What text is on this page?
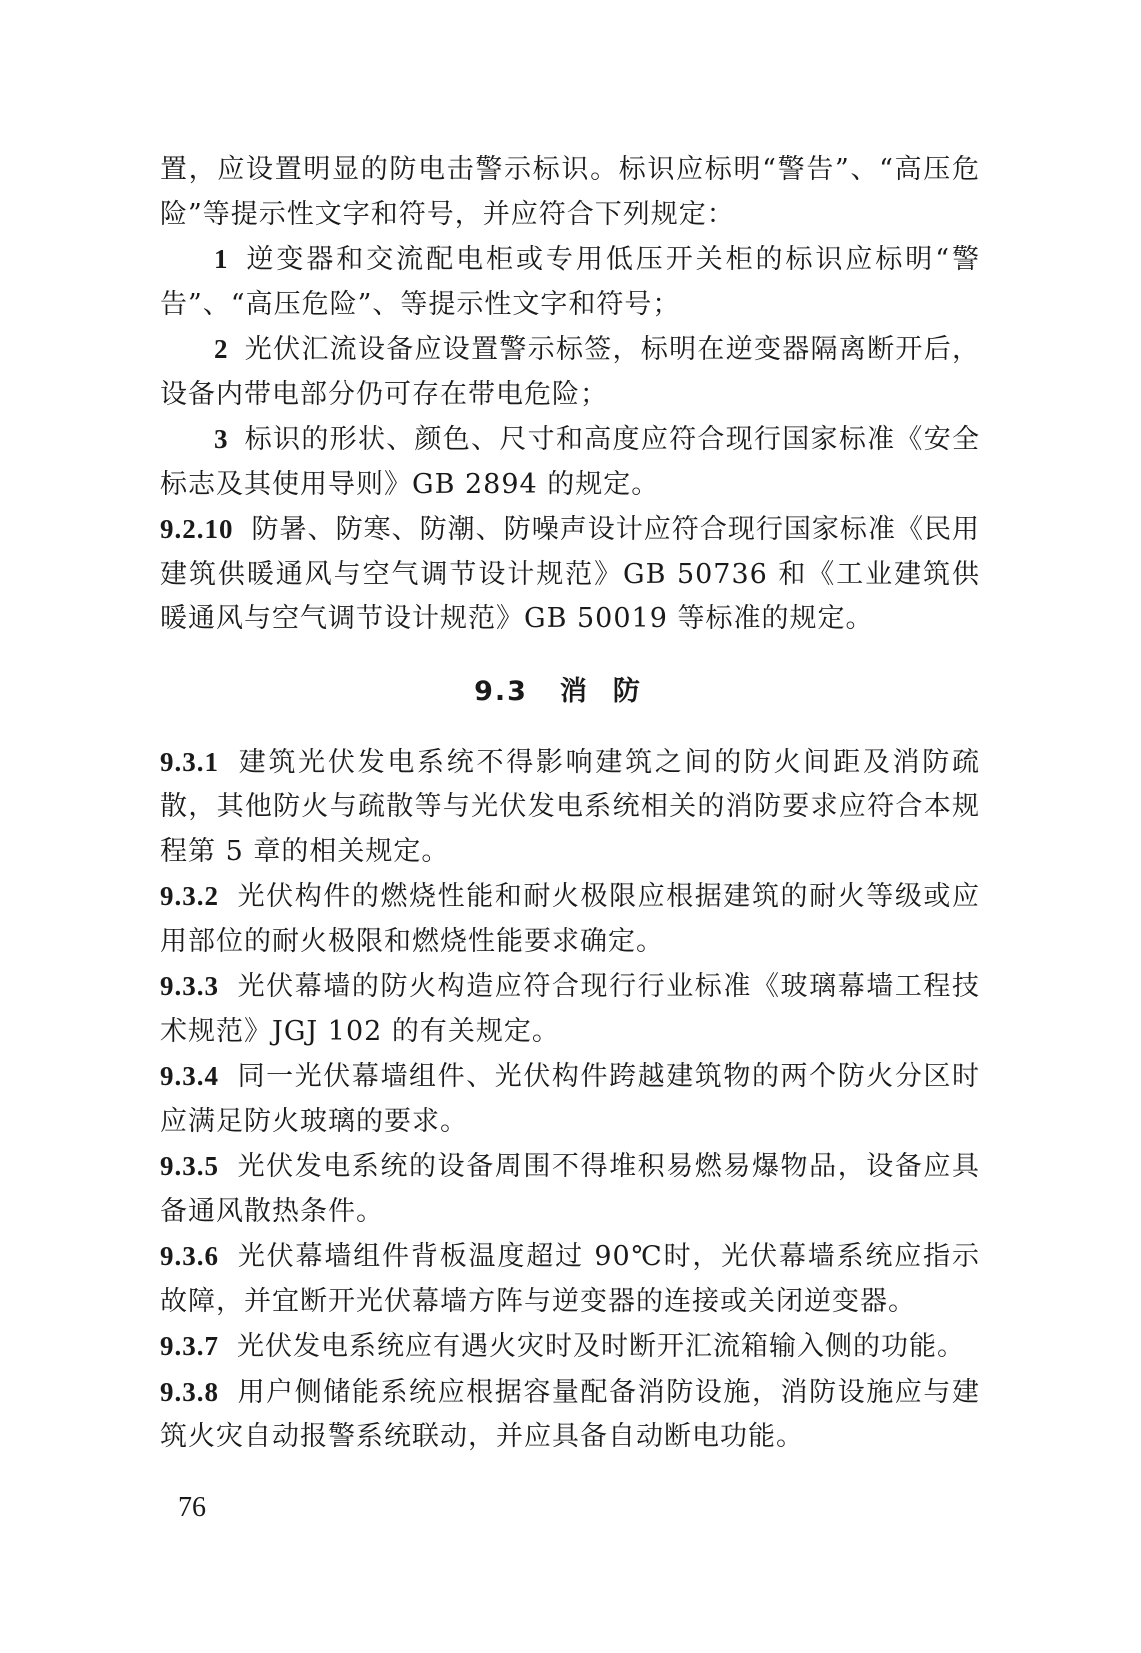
置，应设置明显的防电击警示标识。标识应标明“警告”、“高压危险”等提示性文字和符号，并应符合下列规定：

1 逆变器和交流配电柜或专用低压开关柜的标识应标明“警告”、“高压危险”、等提示性文字和符号；

2 光伏汇流设备应设置警示标签，标明在逆变器隔离断开后，设备内带电部分仍可存在带电危险；

3 标识的形状、颜色、尺寸和高度应符合现行国家标准《安全标志及其使用导则》GB 2894 的规定。

9.2.10 防暑、防寒、防潮、防噪声设计应符合现行国家标准《民用建筑供暖通风与空气调节设计规范》GB 50736 和《工业建筑供暖通风与空气调节设计规范》GB 50019 等标准的规定。

9.3 消防

9.3.1 建筑光伏发电系统不得影响建筑之间的防火间距及消防疏散，其他防火与疏散等与光伏发电系统相关的消防要求应符合本规程第 5 章的相关规定。

9.3.2 光伏构件的燃烧性能和耐火极限应根据建筑的耐火等级或应用部位的耐火极限和燃烧性能要求确定。

9.3.3 光伏幕墙的防火构造应符合现行行业标准《玻璃幕墙工程技术规范》JGJ 102 的有关规定。

9.3.4 同一光伏幕墙组件、光伏构件跨越建筑物的两个防火分区时应满足防火玻璃的要求。

9.3.5 光伏发电系统的设备周围不得堆积易燃易爆物品，设备应具备通风散热条件。

9.3.6 光伏幕墙组件背板温度超过 90℃时，光伏幕墙系统应指示故障，并宜断开光伏幕墙方阵与逆变器的连接或关闭逆变器。

9.3.7 光伏发电系统应有遇火灾时及时断开汇流箱输入侧的功能。

9.3.8 用户侧储能系统应根据容量配备消防设施，消防设施应与建筑火灾自动报警系统联动，并应具备自动断电功能。

76
